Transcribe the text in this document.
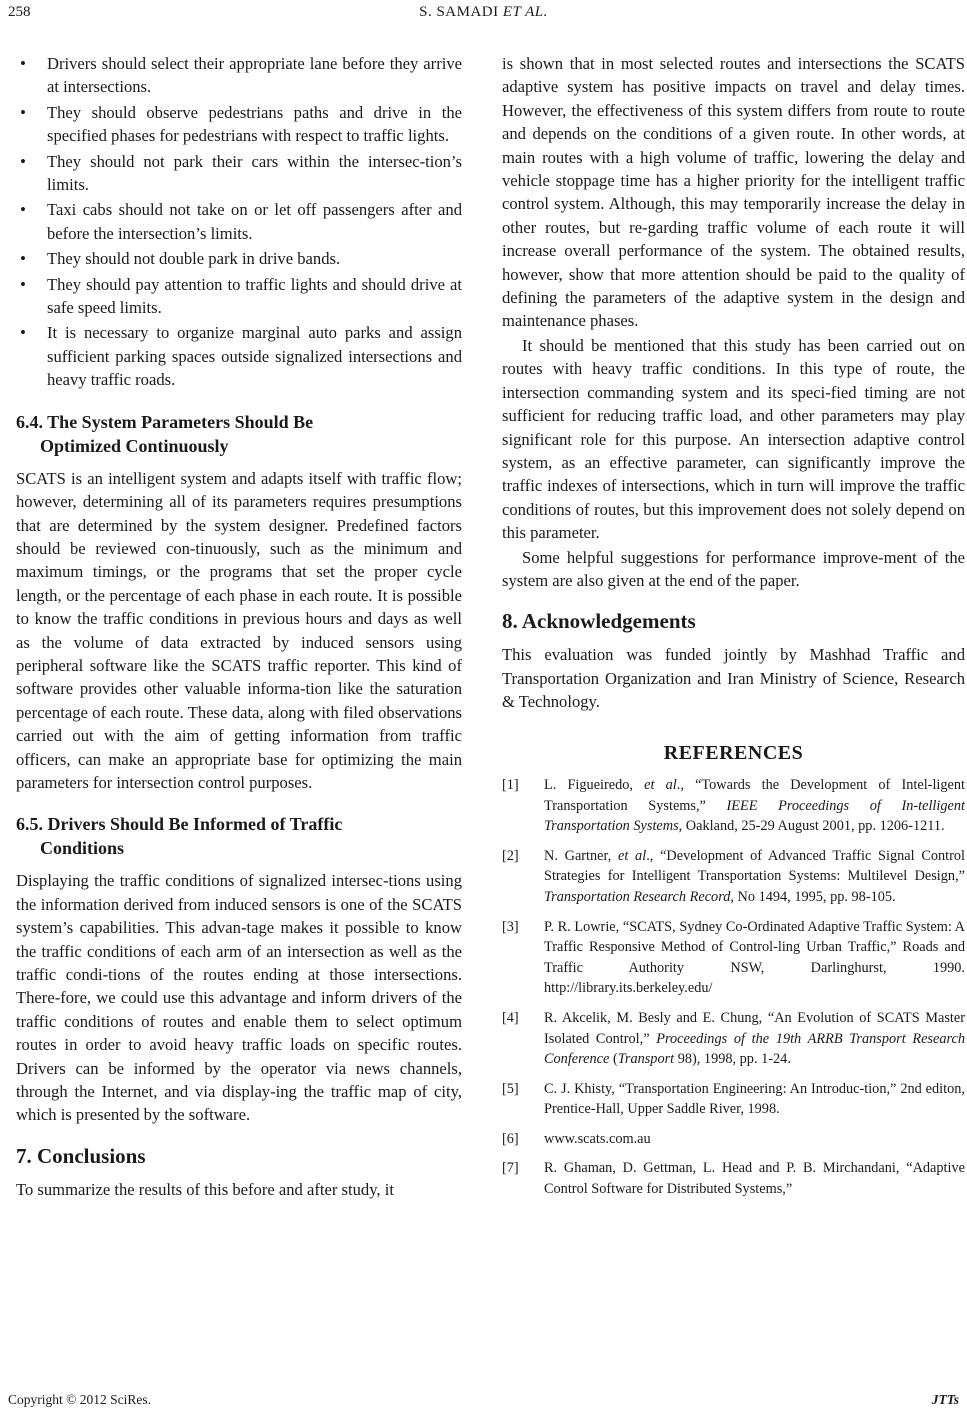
258	S. SAMADI ET AL.
• Drivers should select their appropriate lane before they arrive at intersections.
• They should observe pedestrians paths and drive in the specified phases for pedestrians with respect to traffic lights.
• They should not park their cars within the intersec-tion’s limits.
• Taxi cabs should not take on or let off passengers after and before the intersection’s limits.
• They should not double park in drive bands.
• They should pay attention to traffic lights and should drive at safe speed limits.
• It is necessary to organize marginal auto parks and assign sufficient parking spaces outside signalized intersections and heavy traffic roads.
6.4. The System Parameters Should Be
Optimized Continuously

SCATS is an intelligent system and adapts itself with traffic flow; however, determining all of its parameters requires presumptions that are determined by the system designer. Predefined factors should be reviewed con-tinuously, such as the minimum and maximum timings, or the programs that set the proper cycle length, or the percentage of each phase in each route. It is possible to know the traffic conditions in previous hours and days as well as the volume of data extracted by induced sensors using peripheral software like the SCATS traffic reporter. This kind of software provides other valuable informa-tion like the saturation percentage of each route. These data, along with filed observations carried out with the aim of getting information from traffic officers, can make an appropriate base for optimizing the main parameters for intersection control purposes.

6.5. Drivers Should Be Informed of Traffic
Conditions

Displaying the traffic conditions of signalized intersec-tions using the information derived from induced sensors is one of the SCATS system’s capabilities. This advan-tage makes it possible to know the traffic conditions of each arm of an intersection as well as the traffic condi-tions of the routes ending at those intersections. There-fore, we could use this advantage and inform drivers of the traffic conditions of routes and enable them to select optimum routes in order to avoid heavy traffic loads on specific routes. Drivers can be informed by the operator via news channels, through the Internet, and via display-ing the traffic map of city, which is presented by the software.

7. Conclusions

To summarize the results of this before and after study, it

is shown that in most selected routes and intersections the SCATS adaptive system has positive impacts on travel and delay times. However, the effectiveness of this system differs from route to route and depends on the conditions of a given route. In other words, at main routes with a high volume of traffic, lowering the delay and vehicle stoppage time has a higher priority for the intelligent traffic control system. Although, this may temporarily increase the delay in other routes, but re-garding traffic volume of each route it will increase overall performance of the system. The obtained results, however, show that more attention should be paid to the quality of defining the parameters of the adaptive system in the design and maintenance phases.

It should be mentioned that this study has been carried out on routes with heavy traffic conditions. In this type of route, the intersection commanding system and its speci-fied timing are not sufficient for reducing traffic load, and other parameters may play significant role for this purpose. An intersection adaptive control system, as an effective parameter, can significantly improve the traffic indexes of intersections, which in turn will improve the traffic conditions of routes, but this improvement does not solely depend on this parameter.

Some helpful suggestions for performance improve-ment of the system are also given at the end of the paper.

8. Acknowledgements

This evaluation was funded jointly by Mashhad Traffic and Transportation Organization and Iran Ministry of Science, Research & Technology.

REFERENCES
[1]	L. Figueiredo, et al., “Towards the Development of Intel-ligent Transportation Systems,” IEEE Proceedings of In-telligent Transportation Systems, Oakland, 25-29 August 2001, pp. 1206-1211.
[2]	N. Gartner, et al., “Development of Advanced Traffic Signal Control Strategies for Intelligent Transportation Systems: Multilevel Design,” Transportation Research Record, No 1494, 1995, pp. 98-105.
[3]	P. R. Lowrie, “SCATS, Sydney Co-Ordinated Adaptive Traffic System: A Traffic Responsive Method of Control-ling Urban Traffic,” Roads and Traffic Authority NSW, Darlinghurst, 1990. http://library.its.berkeley.edu/
[4]	R. Akcelik, M. Besly and E. Chung, “An Evolution of SCATS Master Isolated Control,” Proceedings of the 19th ARRB Transport Research Conference (Transport 98), 1998, pp. 1-24.
[5]	C. J. Khisty, “Transportation Engineering: An Introduc-tion,” 2nd editon, Prentice-Hall, Upper Saddle River, 1998.
[6]	www.scats.com.au
[7]	R. Ghaman, D. Gettman, L. Head and P. B. Mirchandani, “Adaptive Control Software for Distributed Systems,”
Copyright © 2012 SciRes.	JTTs
